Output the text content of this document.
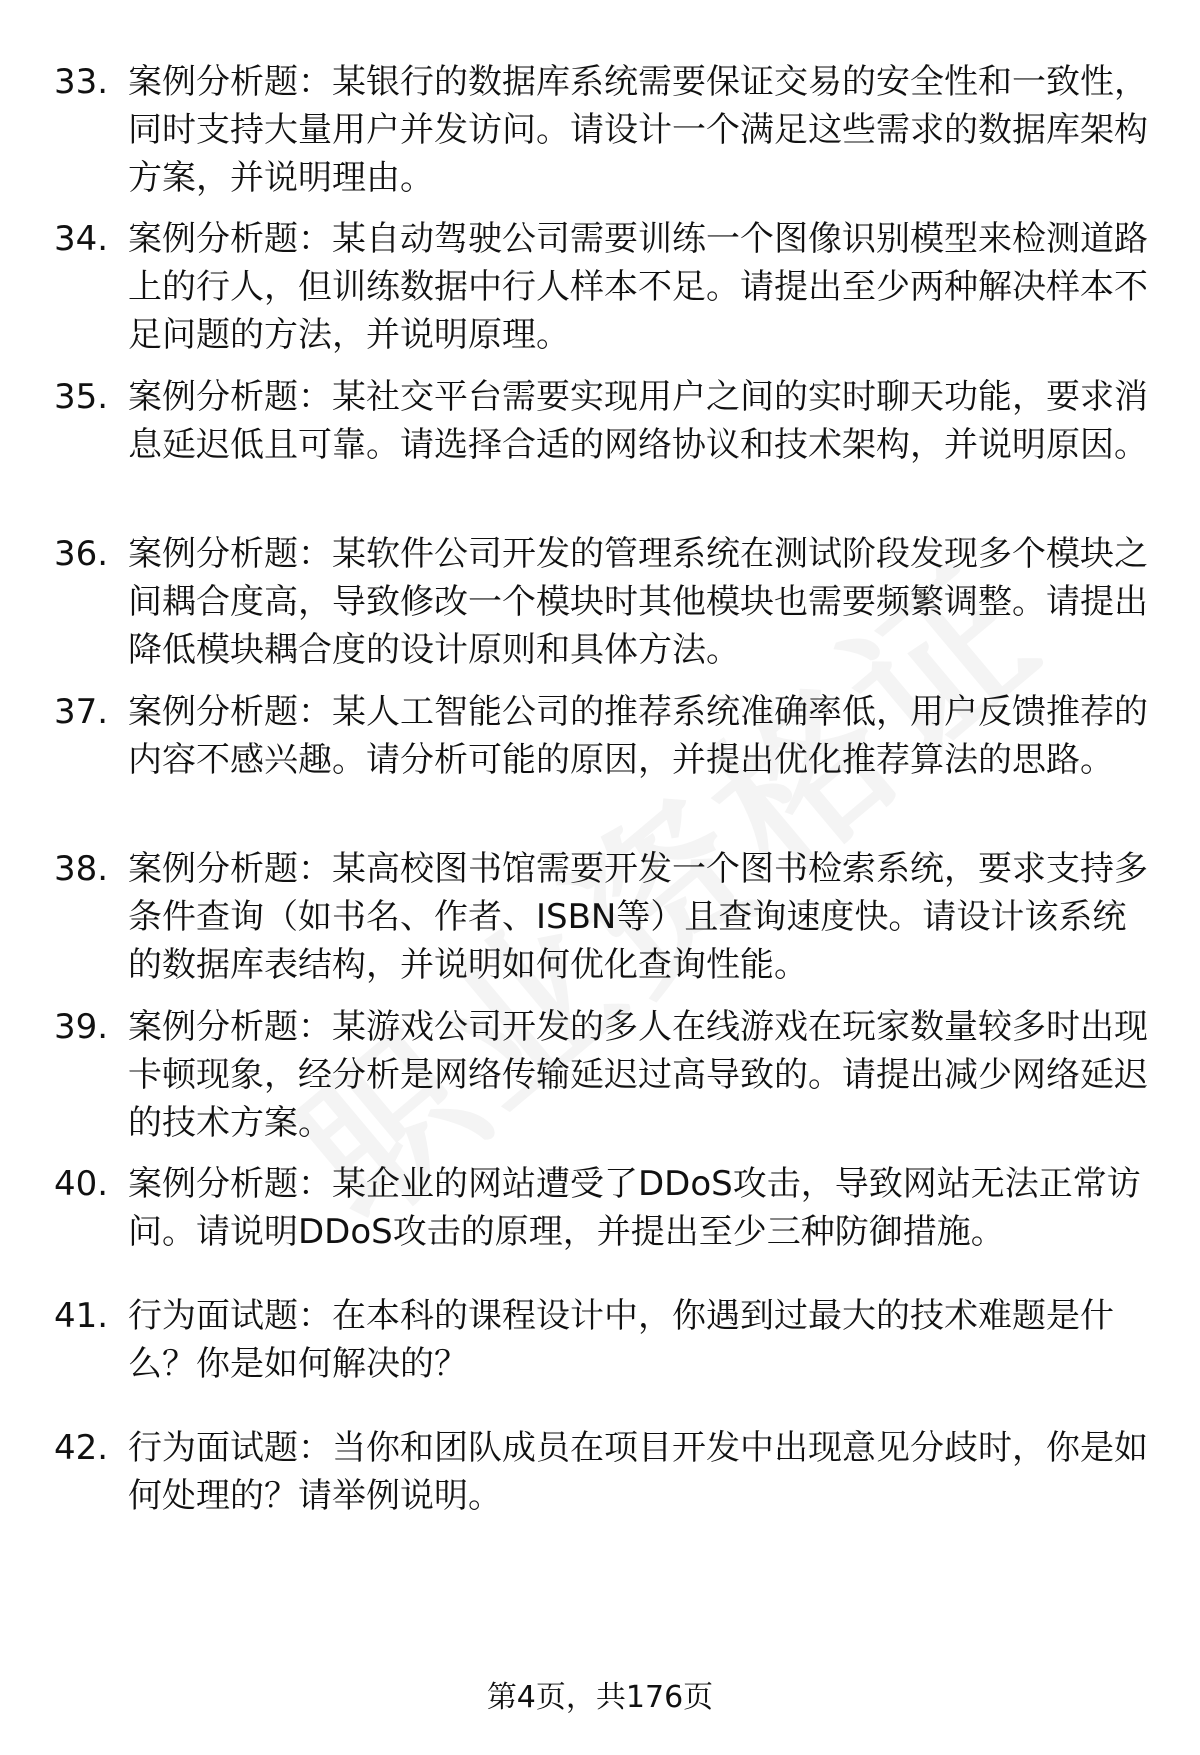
33. 案例分析题：某银行的数据库系统需要保证交易的安全性和一致性，同时支持大量用户并发访问。请设计一个满足这些需求的数据库架构方案，并说明理由。
34. 案例分析题：某自动驾驶公司需要训练一个图像识别模型来检测道路上的行人，但训练数据中行人样本不足。请提出至少两种解决样本不足问题的方法，并说明原理。
35. 案例分析题：某社交平台需要实现用户之间的实时聊天功能，要求消息延迟低且可靠。请选择合适的网络协议和技术架构，并说明原因。
36. 案例分析题：某软件公司开发的管理系统在测试阶段发现多个模块之间耦合度高，导致修改一个模块时其他模块也需要频繁调整。请提出降低模块耦合度的设计原则和具体方法。
37. 案例分析题：某人工智能公司的推荐系统准确率低，用户反馈推荐的内容不感兴趣。请分析可能的原因，并提出优化推荐算法的思路。
38. 案例分析题：某高校图书馆需要开发一个图书检索系统，要求支持多条件查询（如书名、作者、ISBN等）且查询速度快。请设计该系统的数据库表结构，并说明如何优化查询性能。
39. 案例分析题：某游戏公司开发的多人在线游戏在玩家数量较多时出现卡顿现象，经分析是网络传输延迟过高导致的。请提出减少网络延迟的技术方案。
40. 案例分析题：某企业的网站遭受了DDoS攻击，导致网站无法正常访问。请说明DDoS攻击的原理，并提出至少三种防御措施。
41. 行为面试题：在本科的课程设计中，你遇到过最大的技术难题是什么？你是如何解决的？
42. 行为面试题：当你和团队成员在项目开发中出现意见分歧时，你是如何处理的？请举例说明。
第4页，共176页
